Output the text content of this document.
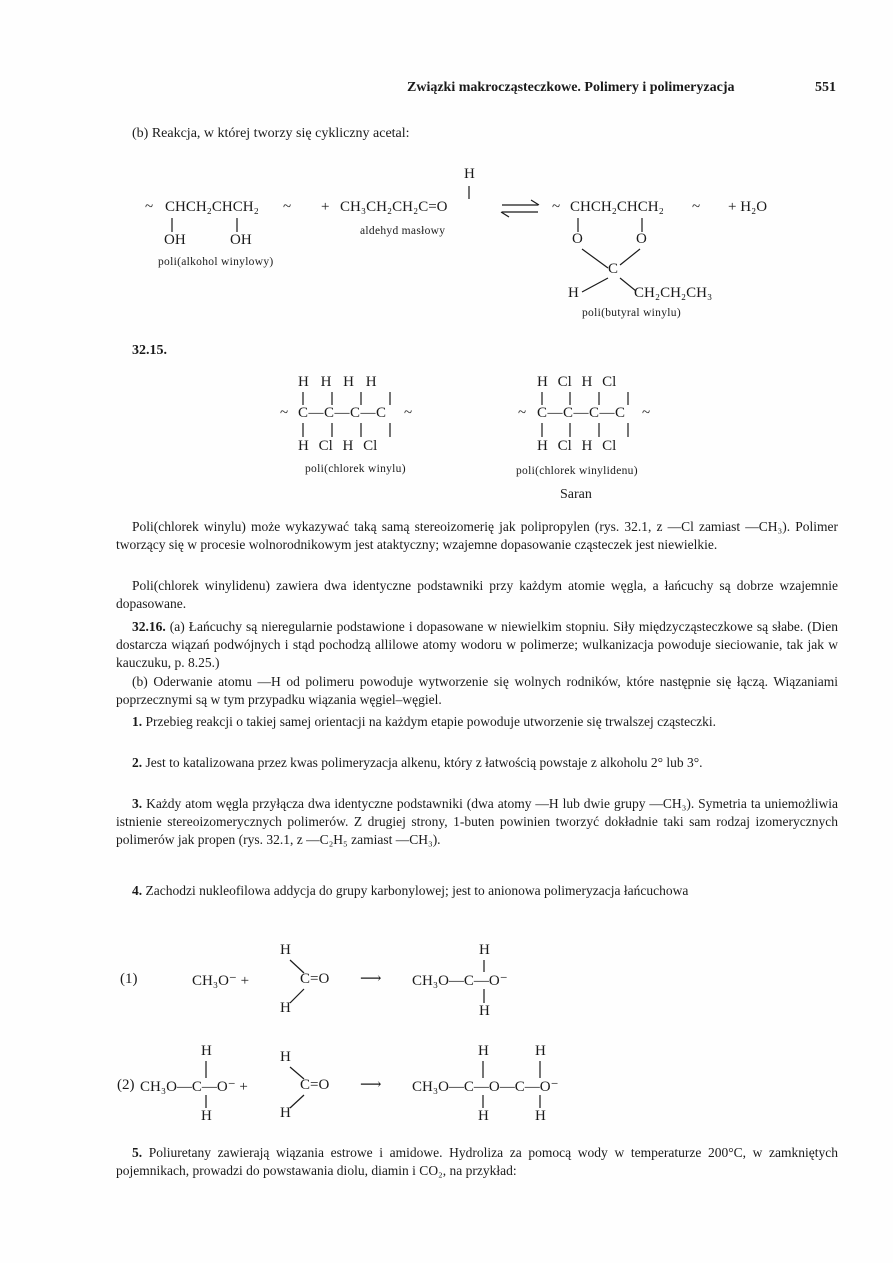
Związki makrocząsteczkowe. Polimery i polimeryzacja	551
(b) Reakcja, w której tworzy się cykliczny acetal:
H
~ CHCH₂CHCH₂ ~ + CH₃CH₂CH₂C=O
OH	OH
aldehyd masłowy
poli(alkohol winylowy)
~ CHCH₂CHCH₂ ~ + H₂O
O	O
C
H	CH₂CH₂CH₃
poli(butyral winylu)
32.15.
H H H H
~ C—C—C—C ~
H Cl H Cl
poli(chlorek winylu)
H Cl H Cl
~ C—C—C—C ~
H Cl H Cl
poli(chlorek winylidenu)
Saran
Poli(chlorek winylu) może wykazywać taką samą stereoizomerię jak polipropylen (rys. 32.1, z —Cl zamiast —CH₃). Polimer tworzący się w procesie wolnorodnikowym jest ataktyczny; wzajemne dopasowanie cząsteczek jest niewielkie.
Poli(chlorek winylidenu) zawiera dwa identyczne podstawniki przy każdym atomie węgla, a łańcuchy są dobrze wzajemnie dopasowane.
32.16. (a) Łańcuchy są nieregularnie podstawione i dopasowane w niewielkim stopniu. Siły międzycząsteczkowe są słabe. (Dien dostarcza wiązań podwójnych i stąd pochodzą allilowe atomy wodoru w polimerze; wulkanizacja powoduje sieciowanie, tak jak w kauczuku, p. 8.25.)
(b) Oderwanie atomu —H od polimeru powoduje wytworzenie się wolnych rodników, które następnie się łączą. Wiązaniami poprzecznymi są w tym przypadku wiązania węgiel–węgiel.
1. Przebieg reakcji o takiej samej orientacji na każdym etapie powoduje utworzenie się trwalszej cząsteczki.
2. Jest to katalizowana przez kwas polimeryzacja alkenu, który z łatwością powstaje z alkoholu 2° lub 3°.
3. Każdy atom węgla przyłącza dwa identyczne podstawniki (dwa atomy —H lub dwie grupy —CH₃). Symetria ta uniemożliwia istnienie stereoizomerycznych polimerów. Z drugiej strony, 1-buten powinien tworzyć dokładnie taki sam rodzaj izomerycznych polimerów jak propen (rys. 32.1, z —C₂H₅ zamiast —CH₃).
4. Zachodzi nukleofilowa addycja do grupy karbonylowej; jest to anionowa polimeryzacja łańcuchowa
(1)	CH₃O⁻ +
H
C=O
H
⟶ CH₃O—C—O⁻
H
H
(2) CH₃O—C—O⁻ +
H
H
H
C=O
H
⟶ CH₃O—C—O—C—O⁻
H	H
H	H
5. Poliuretany zawierają wiązania estrowe i amidowe. Hydroliza za pomocą wody w temperaturze 200°C, w zamkniętych pojemnikach, prowadzi do powstawania diolu, diamin i CO₂, na przykład:
